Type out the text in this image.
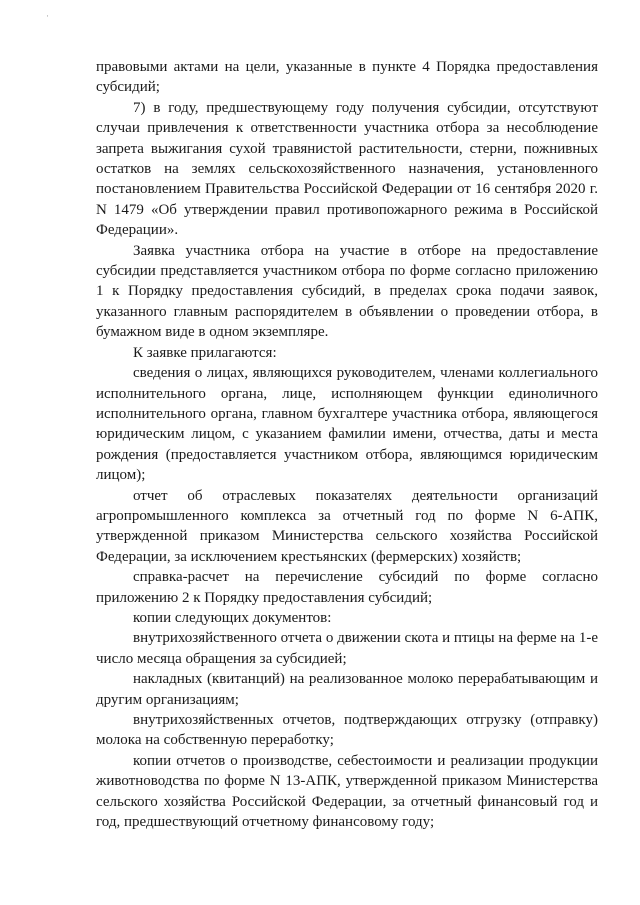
·

правовыми актами на цели, указанные в пункте 4 Порядка предоставления субсидий;

7) в году, предшествующему году получения субсидии, отсутствуют случаи привлечения к ответственности участника отбора за несоблюдение запрета выжигания сухой травянистой растительности, стерни, пожнивных остатков на землях сельскохозяйственного назначения, установленного постановлением Правительства Российской Федерации от 16 сентября 2020 г. N 1479 «Об утверждении правил противопожарного режима в Российской Федерации».

Заявка участника отбора на участие в отборе на предоставление субсидии представляется участником отбора по форме согласно приложению 1 к Порядку предоставления субсидий, в пределах срока подачи заявок, указанного главным распорядителем в объявлении о проведении отбора, в бумажном виде в одном экземпляре.

К заявке прилагаются:

сведения о лицах, являющихся руководителем, членами коллегиального исполнительного органа, лице, исполняющем функции единоличного исполнительного органа, главном бухгалтере участника отбора, являющегося юридическим лицом, с указанием фамилии имени, отчества, даты и места рождения (предоставляется участником отбора, являющимся юридическим лицом);

отчет об отраслевых показателях деятельности организаций агропромышленного комплекса за отчетный год по форме N 6-АПК, утвержденной приказом Министерства сельского хозяйства Российской Федерации, за исключением крестьянских (фермерских) хозяйств;

справка-расчет на перечисление субсидий по форме согласно приложению 2 к Порядку предоставления субсидий;

копии следующих документов:

внутрихозяйственного отчета о движении скота и птицы на ферме на 1-е число месяца обращения за субсидией;

накладных (квитанций) на реализованное молоко перерабатывающим и другим организациям;

внутрихозяйственных отчетов, подтверждающих отгрузку (отправку) молока на собственную переработку;

копии отчетов о производстве, себестоимости и реализации продукции животноводства по форме N 13-АПК, утвержденной приказом Министерства сельского хозяйства Российской Федерации, за отчетный финансовый год и год, предшествующий отчетному финансовому году;
